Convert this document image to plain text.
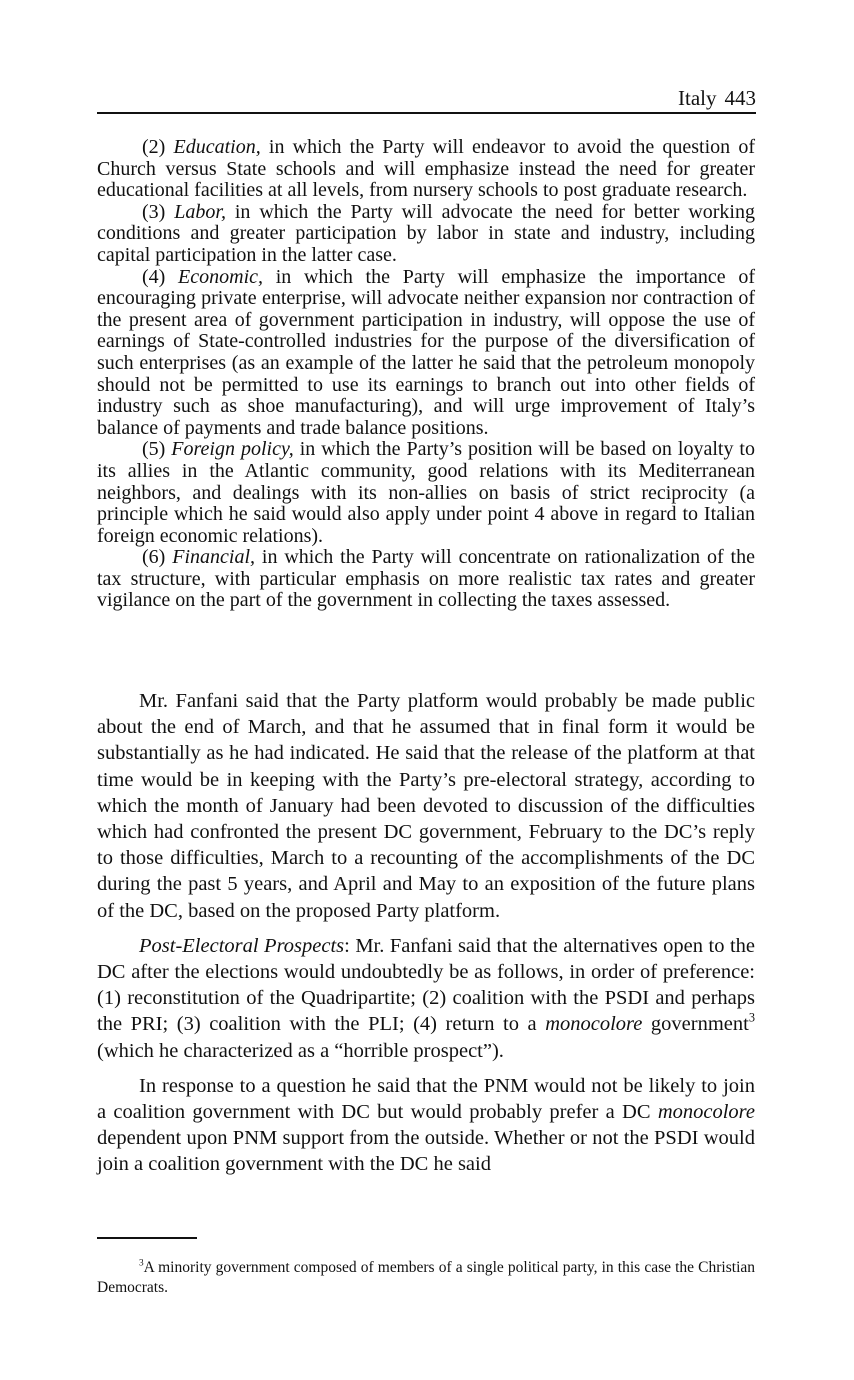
Italy 443

(2) Education, in which the Party will endeavor to avoid the question of Church versus State schools and will emphasize instead the need for greater educational facilities at all levels, from nursery schools to post graduate research.

(3) Labor, in which the Party will advocate the need for better working conditions and greater participation by labor in state and industry, including capital participation in the latter case.

(4) Economic, in which the Party will emphasize the importance of encouraging private enterprise, will advocate neither expansion nor contraction of the present area of government participation in industry, will oppose the use of earnings of State-controlled industries for the purpose of the diversification of such enterprises (as an example of the latter he said that the petroleum monopoly should not be permitted to use its earnings to branch out into other fields of industry such as shoe manufacturing), and will urge improvement of Italy’s balance of payments and trade balance positions.

(5) Foreign policy, in which the Party’s position will be based on loyalty to its allies in the Atlantic community, good relations with its Mediterranean neighbors, and dealings with its non-allies on basis of strict reciprocity (a principle which he said would also apply under point 4 above in regard to Italian foreign economic relations).

(6) Financial, in which the Party will concentrate on rationalization of the tax structure, with particular emphasis on more realistic tax rates and greater vigilance on the part of the government in collecting the taxes assessed.

Mr. Fanfani said that the Party platform would probably be made public about the end of March, and that he assumed that in final form it would be substantially as he had indicated. He said that the release of the platform at that time would be in keeping with the Party’s pre-electoral strategy, according to which the month of January had been devoted to discussion of the difficulties which had confronted the present DC government, February to the DC’s reply to those difficulties, March to a recounting of the accomplishments of the DC during the past 5 years, and April and May to an exposition of the future plans of the DC, based on the proposed Party platform.

Post-Electoral Prospects: Mr. Fanfani said that the alternatives open to the DC after the elections would undoubtedly be as follows, in order of preference: (1) reconstitution of the Quadripartite; (2) coalition with the PSDI and perhaps the PRI; (3) coalition with the PLI; (4) return to a monocolore government$^3$ (which he characterized as a “horrible prospect”).

In response to a question he said that the PNM would not be likely to join a coalition government with DC but would probably prefer a DC monocolore dependent upon PNM support from the outside. Whether or not the PSDI would join a coalition government with the DC he said

$^3$A minority government composed of members of a single political party, in this case the Christian Democrats.
